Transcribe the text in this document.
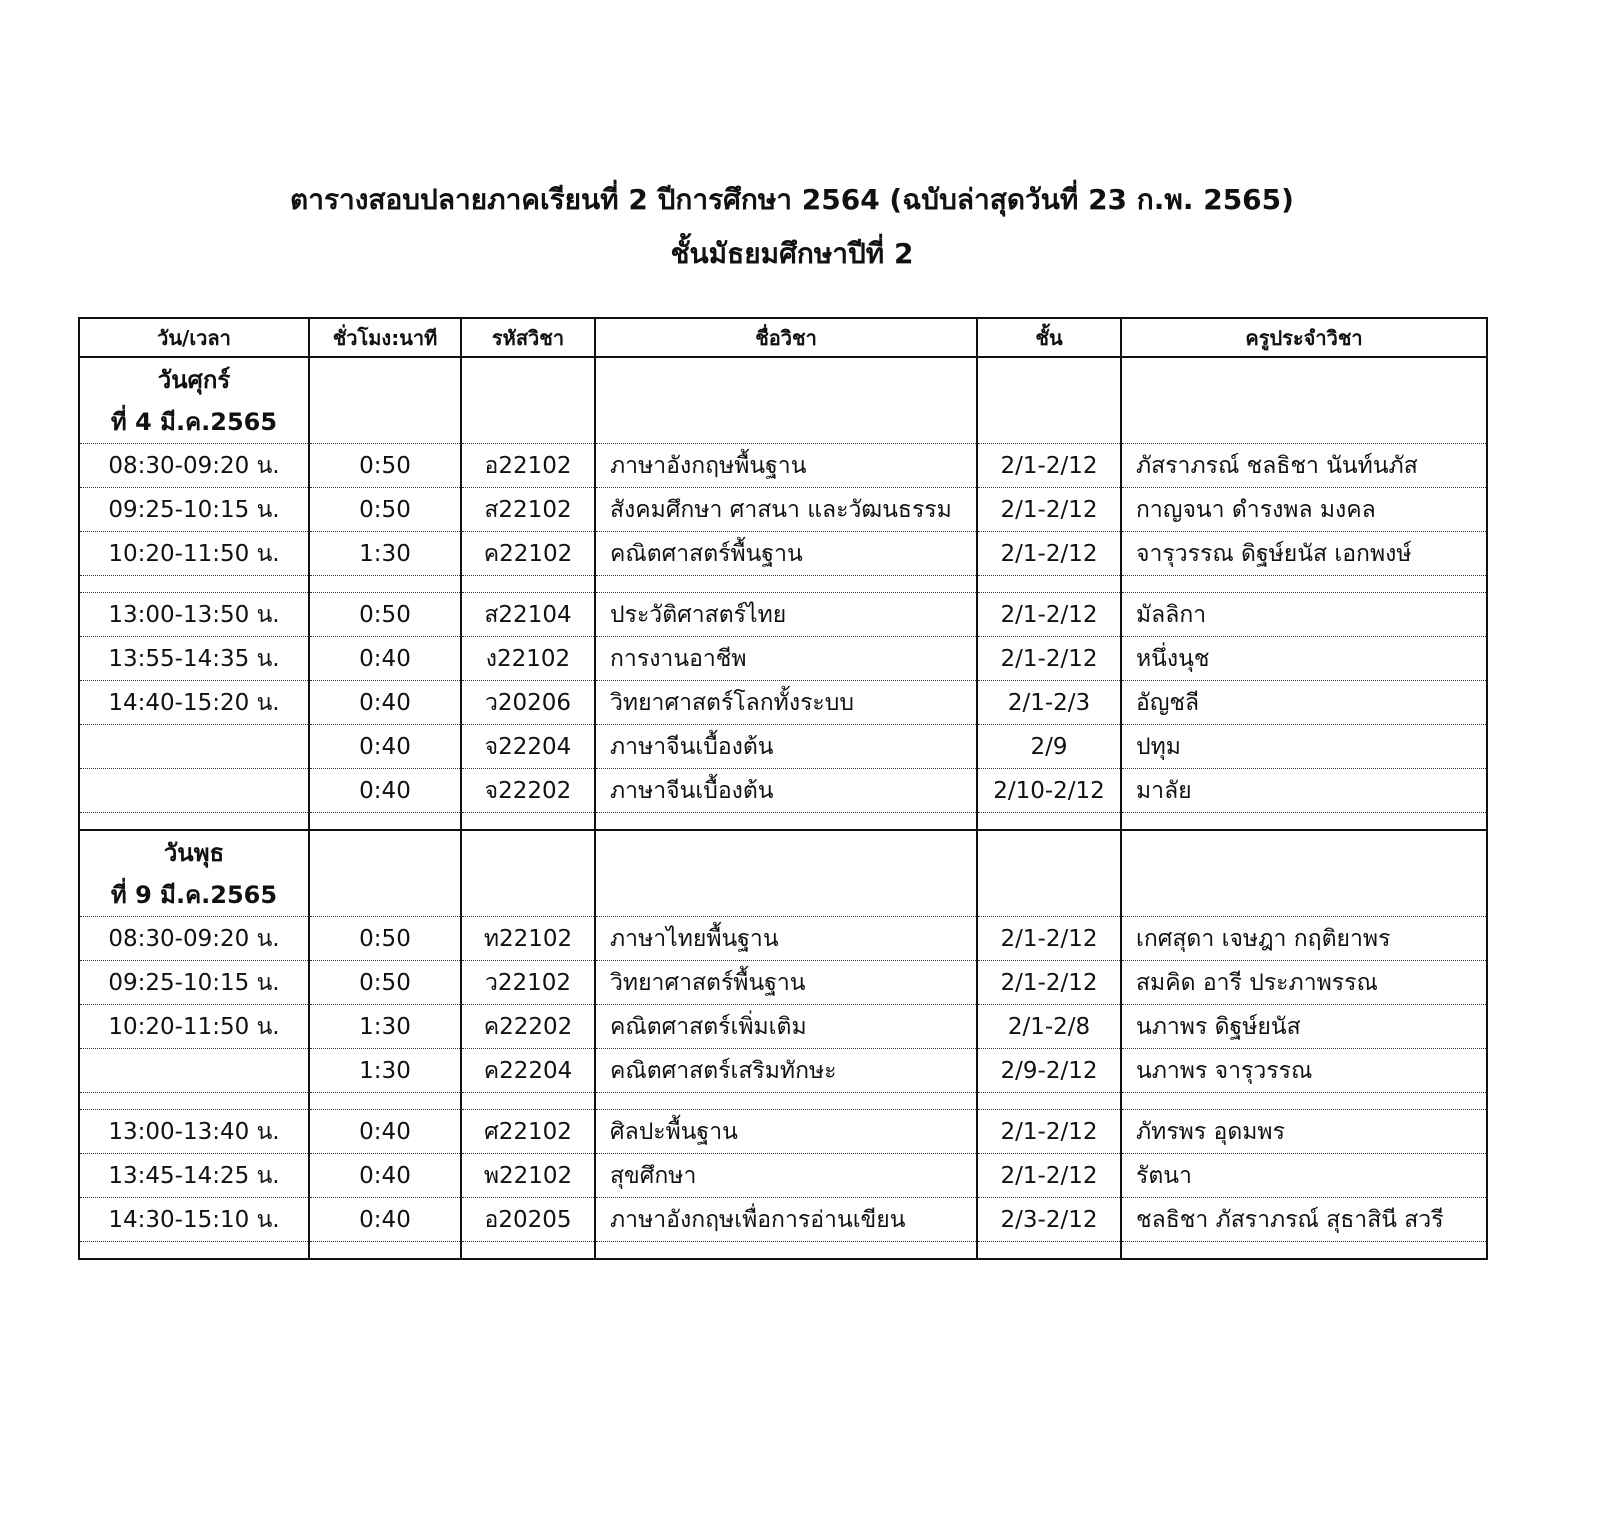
ตารางสอบปลายภาคเรียนที่ 2 ปีการศึกษา 2564 (ฉบับล่าสุดวันที่ 23 ก.พ. 2565)
ชั้นมัธยมศึกษาปีที่ 2
วัน/เวลา	ชั่วโมง:นาที	รหัสวิชา	ชื่อวิชา	ชั้น	ครูประจำวิชา

วันศุกร์
ที่ 4 มี.ค.2565					

08:30-09:20 น.	0:50	อ22102	ภาษาอังกฤษพื้นฐาน	2/1-2/12	ภัสราภรณ์ ชลธิชา นันท์นภัส
09:25-10:15 น.	0:50	ส22102	สังคมศึกษา ศาสนา และวัฒนธรรม	2/1-2/12	กาญจนา ดำรงพล มงคล
10:20-11:50 น.	1:30	ค22102	คณิตศาสตร์พื้นฐาน	2/1-2/12	จารุวรรณ ดิฐษ์ยนัส เอกพงษ์

13:00-13:50 น.	0:50	ส22104	ประวัติศาสตร์ไทย	2/1-2/12	มัลลิกา
13:55-14:35 น.	0:40	ง22102	การงานอาชีพ	2/1-2/12	หนึ่งนุช
14:40-15:20 น.	0:40	ว20206	วิทยาศาสตร์โลกทั้งระบบ	2/1-2/3	อัญชลี
	0:40	จ22204	ภาษาจีนเบื้องต้น	2/9	ปทุม
	0:40	จ22202	ภาษาจีนเบื้องต้น	2/10-2/12	มาลัย

วันพุธ
ที่ 9 มี.ค.2565					

08:30-09:20 น.	0:50	ท22102	ภาษาไทยพื้นฐาน	2/1-2/12	เกศสุดา เจษฎา กฤติยาพร
09:25-10:15 น.	0:50	ว22102	วิทยาศาสตร์พื้นฐาน	2/1-2/12	สมคิด อารี ประภาพรรณ
10:20-11:50 น.	1:30	ค22202	คณิตศาสตร์เพิ่มเติม	2/1-2/8	นภาพร ดิฐษ์ยนัส
	1:30	ค22204	คณิตศาสตร์เสริมทักษะ	2/9-2/12	นภาพร จารุวรรณ

13:00-13:40 น.	0:40	ศ22102	ศิลปะพื้นฐาน	2/1-2/12	ภัทรพร อุดมพร
13:45-14:25 น.	0:40	พ22102	สุขศึกษา	2/1-2/12	รัตนา
14:30-15:10 น.	0:40	อ20205	ภาษาอังกฤษเพื่อการอ่านเขียน	2/3-2/12	ชลธิชา ภัสราภรณ์ สุธาสินี สวรี
